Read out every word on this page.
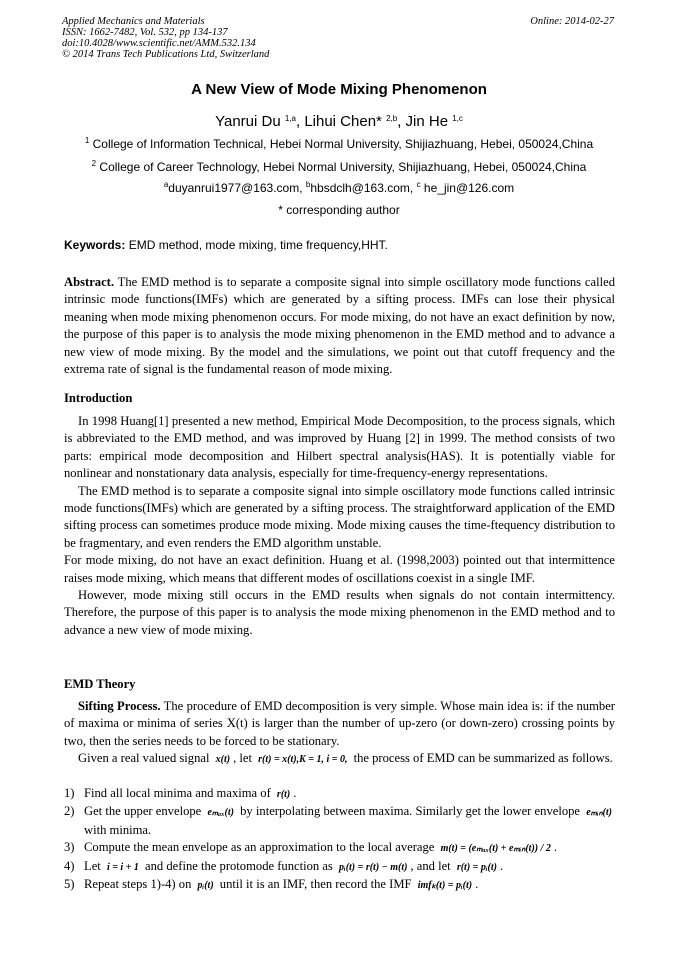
Applied Mechanics and Materials
ISSN: 1662-7482, Vol. 532, pp 134-137
doi:10.4028/www.scientific.net/AMM.532.134
© 2014 Trans Tech Publications Ltd, Switzerland
Online: 2014-02-27
A New View of Mode Mixing Phenomenon
Yanrui Du $^{1,a}$, Lihui Chen* $^{2,b}$, Jin He $^{1,c}$
$^1$ College of Information Technical, Hebei Normal University, Shijiazhuang, Hebei, 050024,China
$^2$ College of Career Technology, Hebei Normal University, Shijiazhuang, Hebei, 050024,China
$^a$duyanrui1977@163.com, $^b$hbsdclh@163.com, $^c$ he_jin@126.com
* corresponding author
Keywords: EMD method, mode mixing, time frequency,HHT.

Abstract. The EMD method is to separate a composite signal into simple oscillatory mode functions called intrinsic mode functions(IMFs) which are generated by a sifting process. IMFs can lose their physical meaning when mode mixing phenomenon occurs. For mode mixing, do not have an exact definition by now, the purpose of this paper is to analysis the mode mixing phenomenon in the EMD method and to advance a new view of mode mixing. By the model and the simulations, we point out that cutoff frequency and the extrema rate of signal is the fundamental reason of mode mixing.

Introduction

In 1998 Huang[1] presented a new method, Empirical Mode Decomposition, to the process signals, which is abbreviated to the EMD method, and was improved by Huang [2] in 1999. The method consists of two parts: empirical mode decomposition and Hilbert spectral analysis(HAS). It is potentially viable for nonlinear and nonstationary data analysis, especially for time-frequency-energy representations.

The EMD method is to separate a composite signal into simple oscillatory mode functions called intrinsic mode functions(IMFs) which are generated by a sifting process. The straightforward application of the EMD sifting process can sometimes produce mode mixing. Mode mixing causes the time-ftequency distribution to be fragmentary, and even renders the EMD algorithm unstable.

For mode mixing, do not have an exact definition. Huang et al. (1998,2003) pointed out that intermittence raises mode mixing, which means that different modes of oscillations coexist in a single IMF.

However, mode mixing still occurs in the EMD results when signals do not contain intermittency. Therefore, the purpose of this paper is to analysis the mode mixing phenomenon in the EMD method and to advance a new view of mode mixing.

EMD Theory

Sifting Process. The procedure of EMD decomposition is very simple. Whose main idea is: if the number of maxima or minima of series X(t) is larger than the number of up-zero (or down-zero) crossing points by two, then the series needs to be forced to be stationary.

Given a real valued signal x(t) , let r(t) = x(t),K = 1, i = 0, the process of EMD can be summarized as follows.

1) Find all local minima and maxima of r(t) .
2) Get the upper envelope eₘₐₓ(t) by interpolating between maxima. Similarly get the lower envelope eₘᵢₙ(t) with minima.
3) Compute the mean envelope as an approximation to the local average m(t) = (eₘₐₓ(t) + eₘᵢₙ(t)) / 2 .
4) Let i = i + 1 and define the protomode function as pᵢ(t) = r(t) − m(t) , and let r(t) = pᵢ(t) .
5) Repeat steps 1)-4) on pᵢ(t) until it is an IMF, then record the IMF imfₖ(t) = pᵢ(t) .
